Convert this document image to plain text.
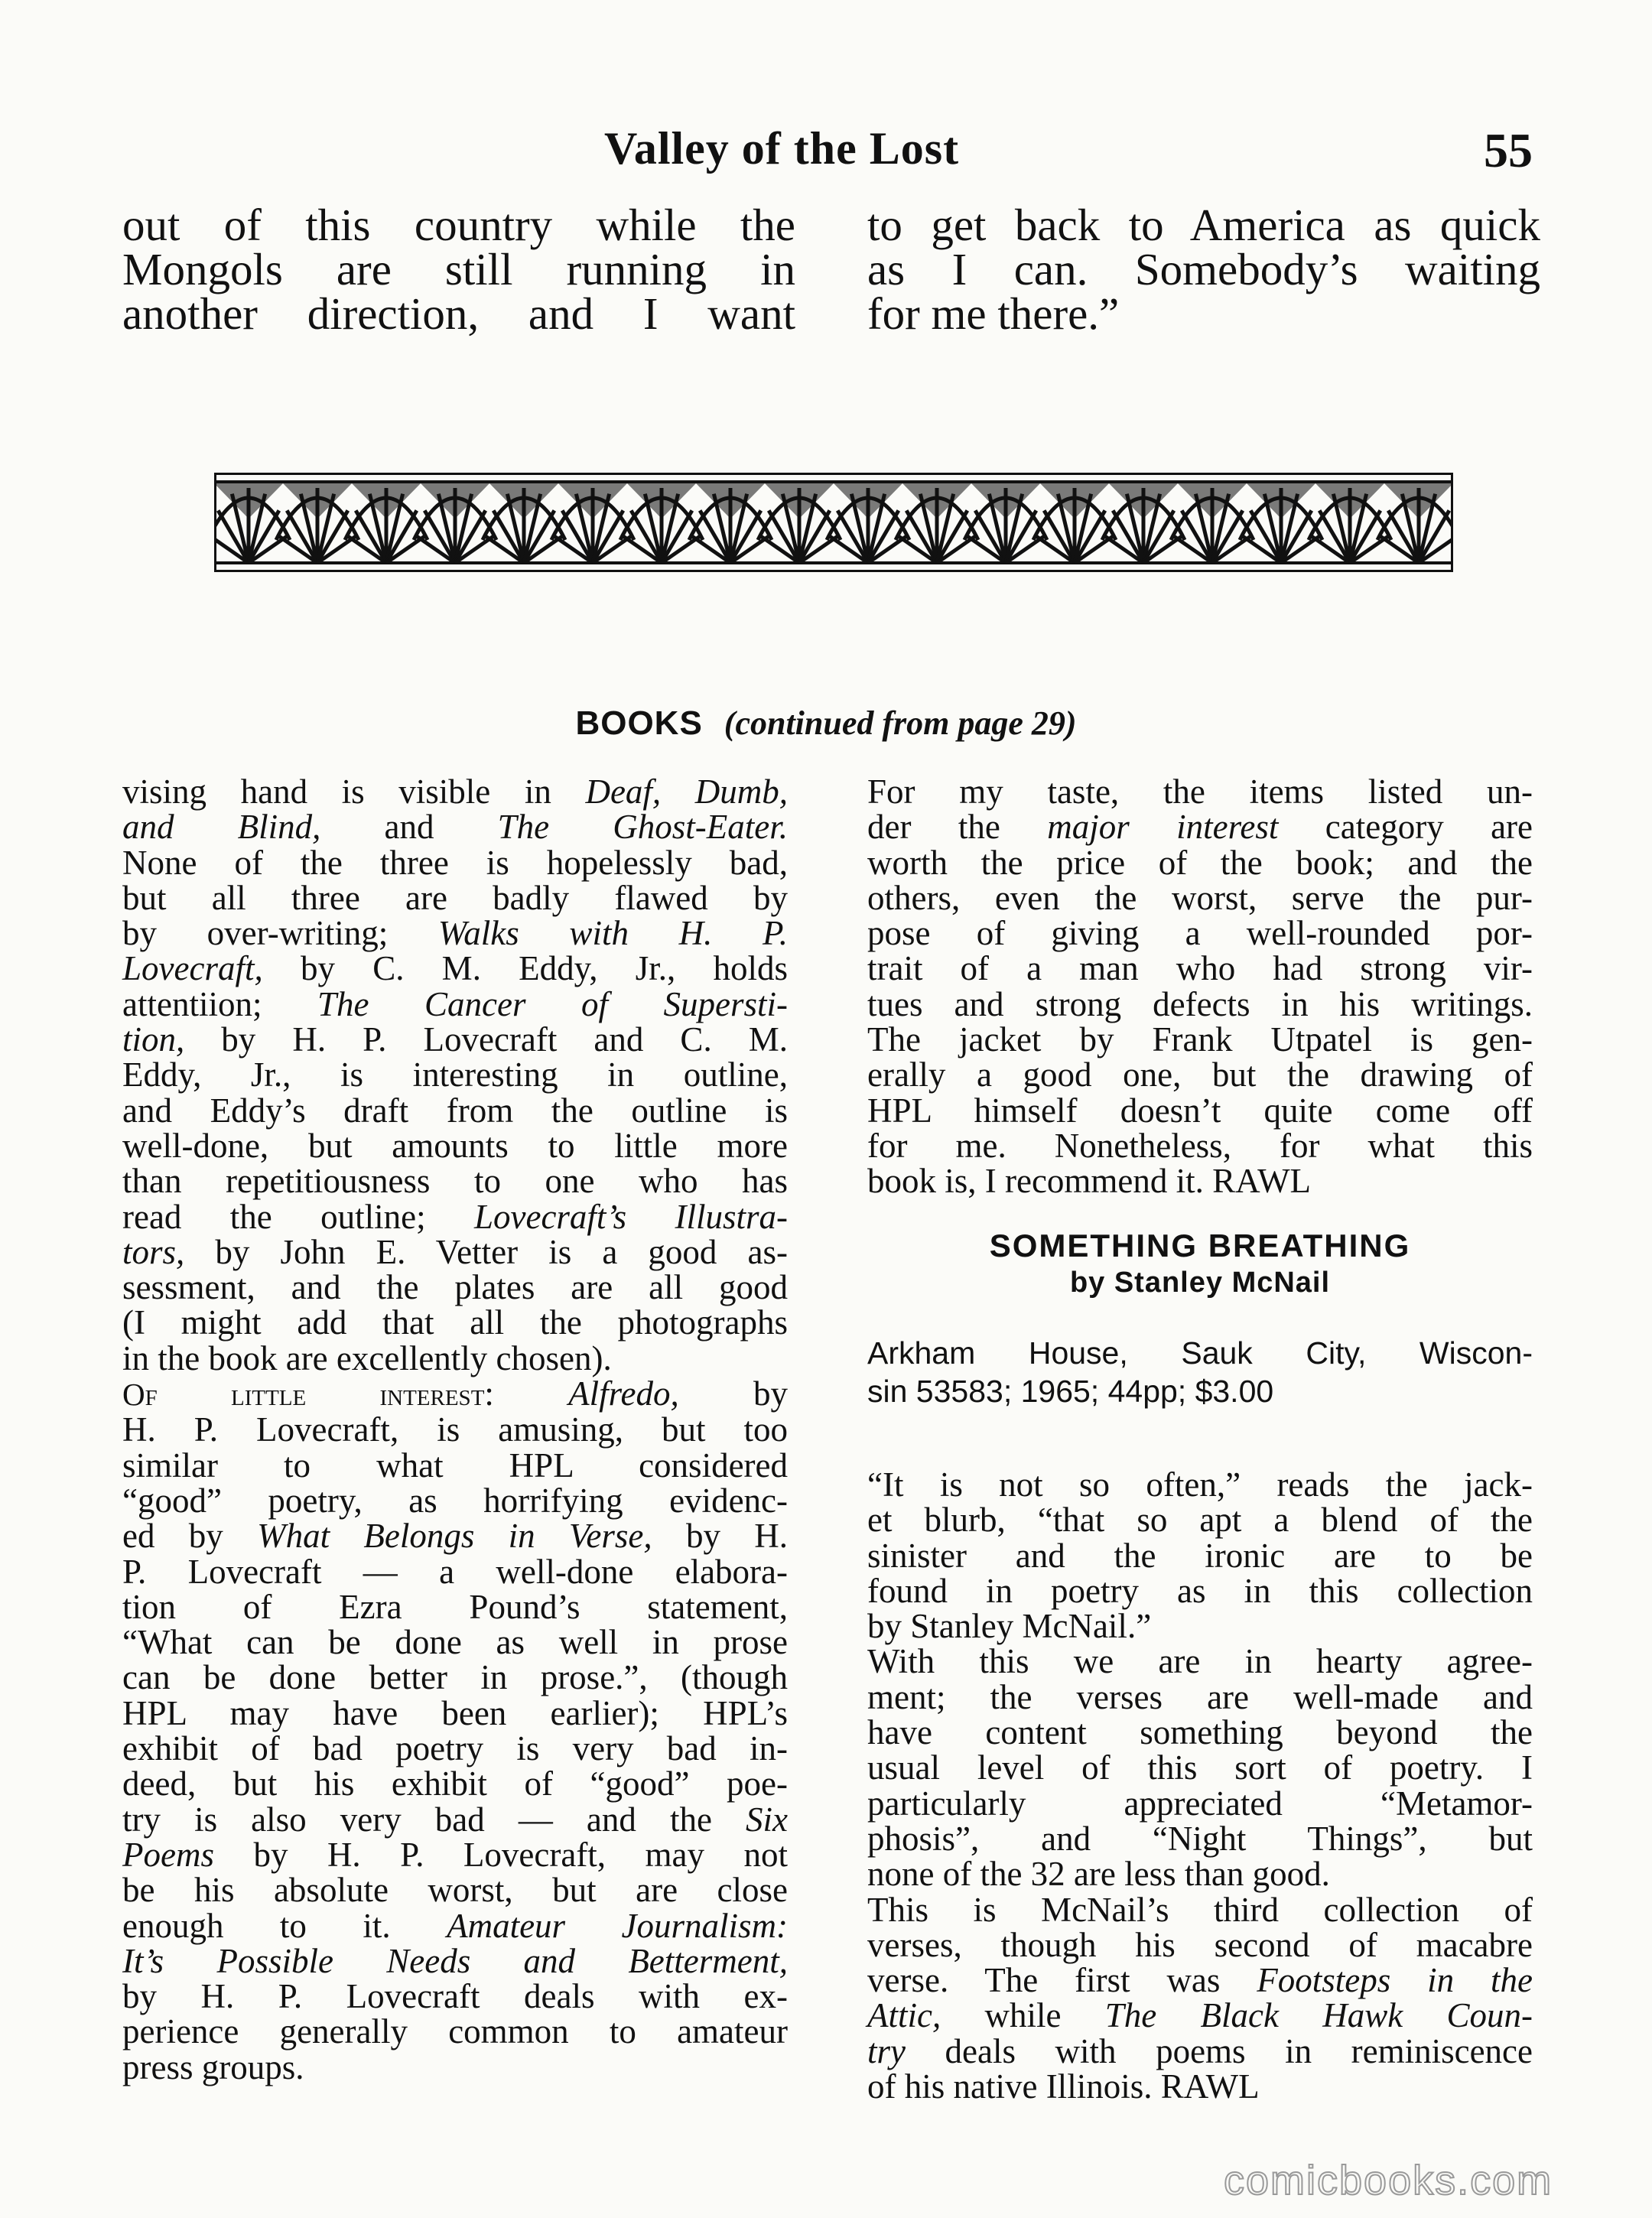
Valley of the Lost	55
out of this country while the
Mongols are still running in
another direction, and I want
to get back to America as quick
as I can. Somebody’s waiting
for me there.”
BOOKS (continued from page 29)
vising hand is visible in Deaf, Dumb,
and Blind, and The Ghost-Eater.
None of the three is hopelessly bad,
but all three are badly flawed by
by over-writing; Walks with H. P.
Lovecraft, by C. M. Eddy, Jr., holds
attentiion; The Cancer of Supersti-
tion, by H. P. Lovecraft and C. M.
Eddy, Jr., is interesting in outline,
and Eddy’s draft from the outline is
well-done, but amounts to little more
than repetitiousness to one who has
read the outline; Lovecraft’s Illustra-
tors, by John E. Vetter is a good as-
sessment, and the plates are all good
(I might add that all the photographs
in the book are excellently chosen).
Of little interest: Alfredo, by
H. P. Lovecraft, is amusing, but too
similar to what HPL considered
“good” poetry, as horrifying evidenc-
ed by What Belongs in Verse, by H.
P. Lovecraft — a well-done elabora-
tion of Ezra Pound’s statement,
“What can be done as well in prose
can be done better in prose.”, (though
HPL may have been earlier); HPL’s
exhibit of bad poetry is very bad in-
deed, but his exhibit of “good” poe-
try is also very bad — and the Six
Poems by H. P. Lovecraft, may not
be his absolute worst, but are close
enough to it. Amateur Journalism:
It’s Possible Needs and Betterment,
by H. P. Lovecraft deals with ex-
perience generally common to amateur
press groups.
For my taste, the items listed un-
der the major interest category are
worth the price of the book; and the
others, even the worst, serve the pur-
pose of giving a well-rounded por-
trait of a man who had strong vir-
tues and strong defects in his writings.
The jacket by Frank Utpatel is gen-
erally a good one, but the drawing of
HPL himself doesn’t quite come off
for me. Nonetheless, for what this
book is, I recommend it. RAWL
SOMETHING BREATHING
by Stanley McNail
Arkham House, Sauk City, Wiscon-
sin 53583; 1965; 44pp; $3.00
“It is not so often,” reads the jack-
et blurb, “that so apt a blend of the
sinister and the ironic are to be
found in poetry as in this collection
by Stanley McNail.”
With this we are in hearty agree-
ment; the verses are well-made and
have content something beyond the
usual level of this sort of poetry. I
particularly appreciated “Metamor-
phosis”, and “Night Things”, but
none of the 32 are less than good.
This is McNail’s third collection of
verses, though his second of macabre
verse. The first was Footsteps in the
Attic, while The Black Hawk Coun-
try deals with poems in reminiscence
of his native Illinois. RAWL
comicbooks.com
